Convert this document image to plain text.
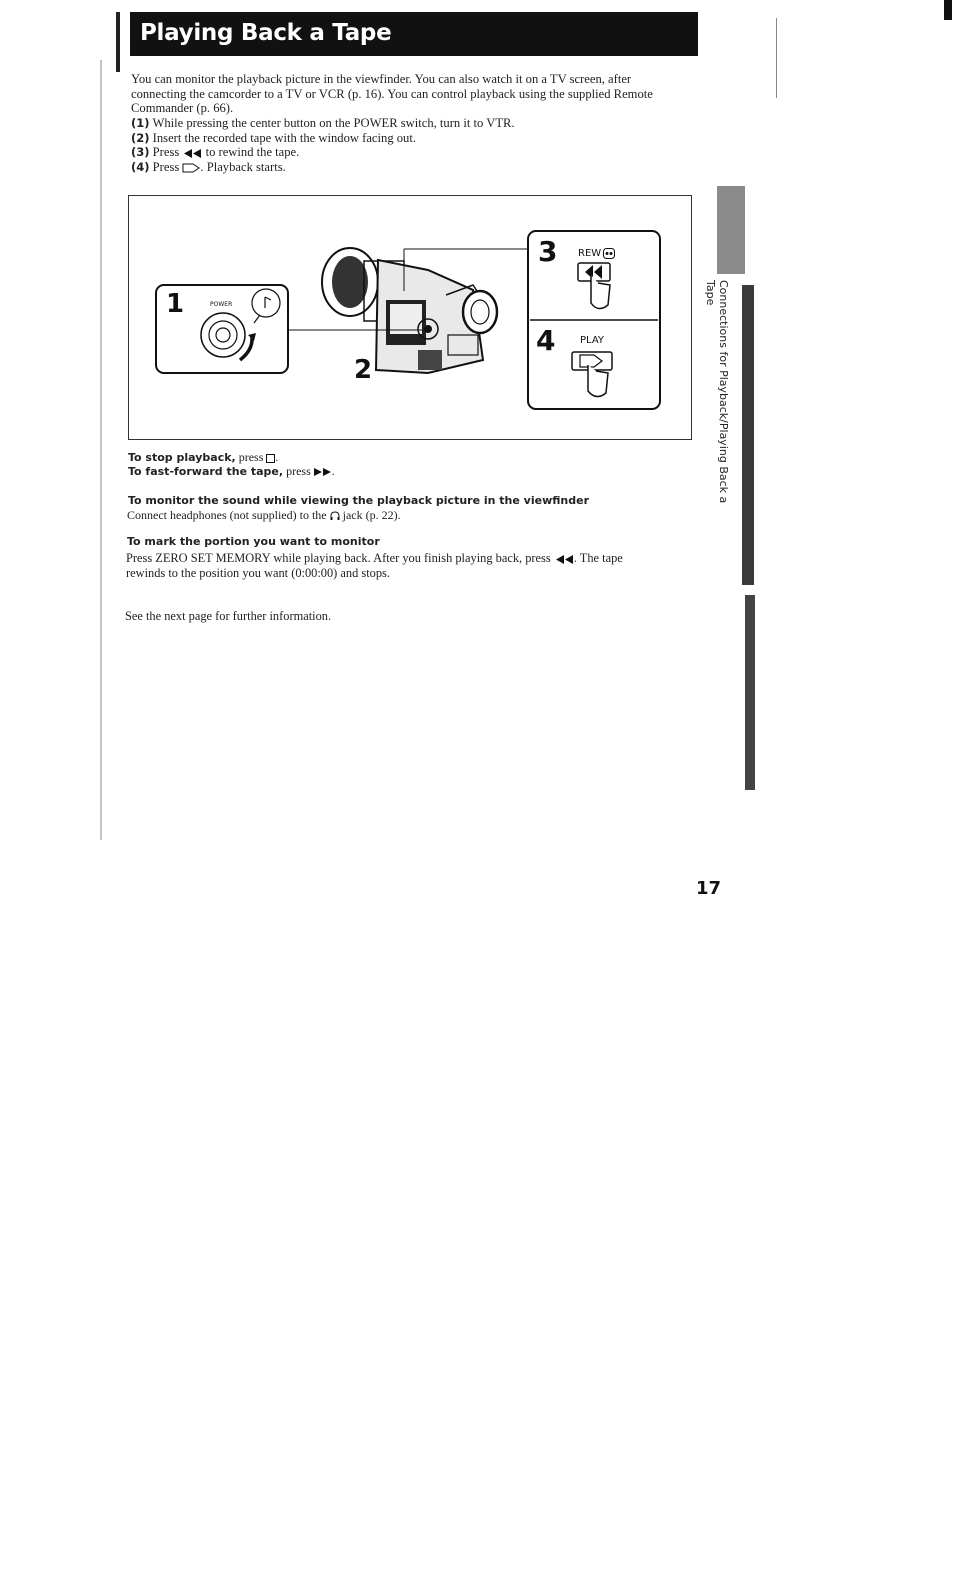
Playing Back a Tape
You can monitor the playback picture in the viewfinder. You can also watch it on a TV screen, after
connecting the camcorder to a TV or VCR (p. 16). You can control playback using the supplied Remote
Commander (p. 66).
(1) While pressing the center button on the POWER switch, turn it to VTR.
(2) Insert the recorded tape with the window facing out.
(3) Press to rewind the tape.
(4) Press . Playback starts.
1
2
3
4
POWER
REW
PLAY
To stop playback, press .
To fast-forward the tape, press .
To monitor the sound while viewing the playback picture in the viewfinder
Connect headphones (not supplied) to the jack (p. 22).
To mark the portion you want to monitor
Press ZERO SET MEMORY while playing back. After you finish playing back, press . The tape
rewinds to the position you want (0:00:00) and stops.
See the next page for further information.
Connections for Playback/Playing Back a Tape
17
